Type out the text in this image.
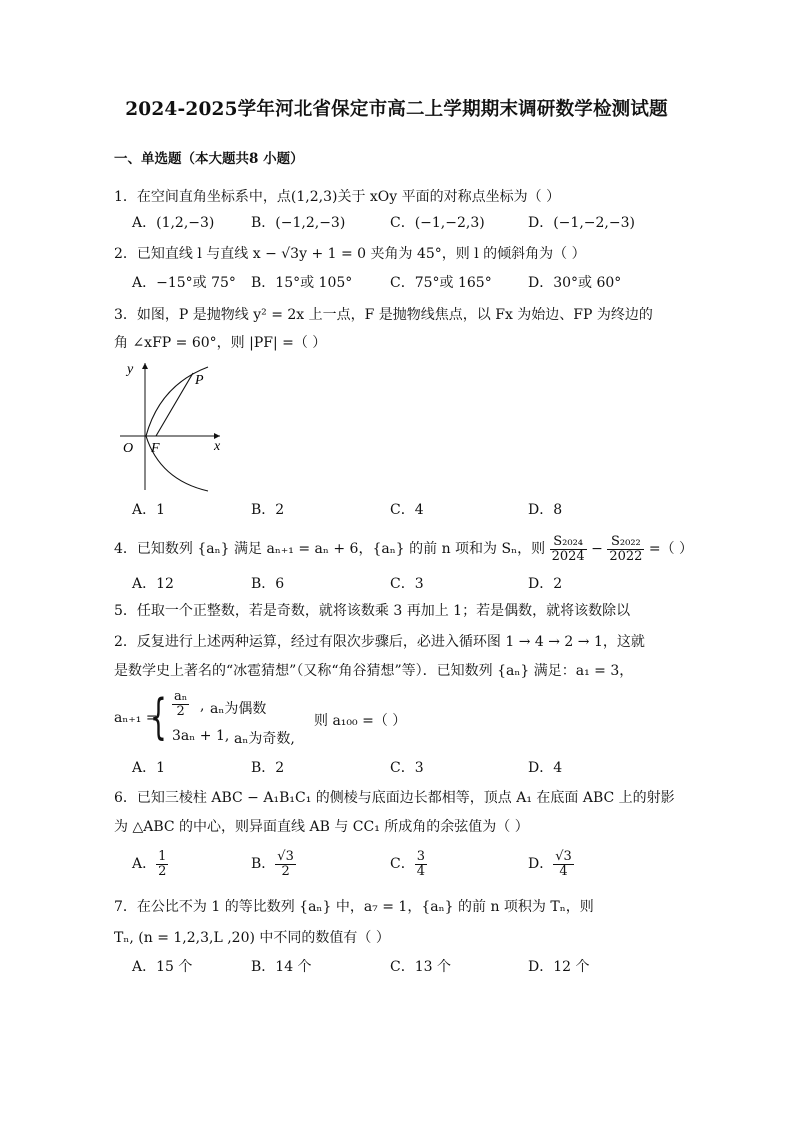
2024-2025学年河北省保定市高二上学期期末调研数学检测试题
一、单选题（本大题共8 小题）
1．在空间直角坐标系中，点(1,2,3)关于 xOy 平面的对称点坐标为（ ）
A．(1,2,−3)	B．(−1,2,−3)	C．(−1,−2,3)	D．(−1,−2,−3)
2．已知直线 l 与直线 x − √3y + 1 = 0 夹角为 45°，则 l 的倾斜角为（ ）
A．−15°或 75° B．15°或 105°	C．75°或 165°	D．30°或 60°
3．如图，P 是抛物线 y² = 2x 上一点，F 是抛物线焦点，以 Fx 为始边、FP 为终边的
角 ∠xFP = 60°，则 |PF| =（ ）
y
x
O F
P
A．1	B．2	C．4	D．8
4．已知数列 {aₙ} 满足 aₙ₊₁ = aₙ + 6，{aₙ} 的前 n 项和为 Sₙ，则 $\frac{\text{S₂₀₂₄}}{2024} - \frac{\text{S₂₀₂₂}}{2022}$ =（ ）
A．12	B．6	C．3	D．2
5．任取一个正整数，若是奇数，就将该数乘 3 再加上 1；若是偶数，就将该数除以
2．反复进行上述两种运算，经过有限次步骤后，必进入循环图 1 → 4 → 2 → 1，这就
是数学史上著名的“冰雹猜想”（又称“角谷猜想”等）．已知数列 {aₙ} 满足：a₁ = 3，
aₙ₊₁ =
{ $\frac{\text{aₙ}}{2}$ , aₙ为偶数
则 a₁₀₀ =（ ）
3aₙ + 1, aₙ为奇数,
A．1	B．2	C．3	D．4
6．已知三棱柱 ABC − A₁B₁C₁ 的侧棱与底面边长都相等，顶点 A₁ 在底面 ABC 上的射影
为 △ABC 的中心，则异面直线 AB 与 CC₁ 所成角的余弦值为（ ）
A． $\frac{1}{2}$	B． $\frac{√3}{2}$	C． $\frac{3}{4}$	D． $\frac{√3}{4}$
7．在公比不为 1 的等比数列 {aₙ} 中，a₇ = 1，{aₙ} 的前 n 项积为 Tₙ，则
Tₙ, (n = 1,2,3,L ,20) 中不同的数值有（ ）
A．15 个	B．14 个	C．13 个	D．12 个
